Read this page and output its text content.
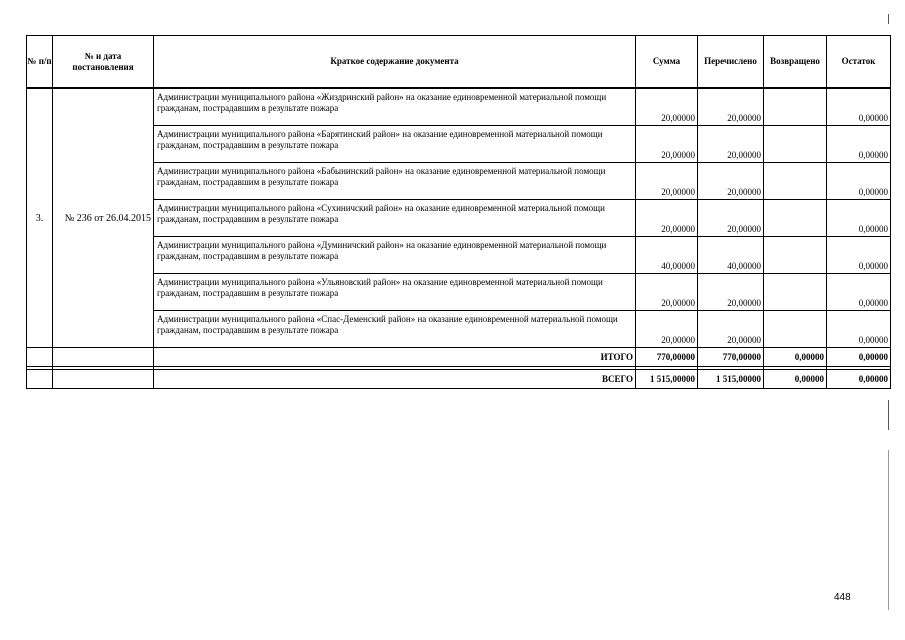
№ п/п	№ и дата постановления	Краткое содержание документа	Сумма	Перечислено	Возвращено	Остаток
3.	№ 236 от 26.04.2015	Администрации муниципального района «Жиздринский район» на оказание единовременной материальной помощи гражданам, пострадавшим в результате пожара	20,00000	20,00000		0,00000
		Администрации муниципального района «Барятинский район» на оказание единовременной материальной помощи гражданам, пострадавшим в результате пожара	20,00000	20,00000		0,00000
		Администрации муниципального района «Бабынинский район» на оказание единовременной материальной помощи гражданам, пострадавшим в результате пожара	20,00000	20,00000		0,00000
		Администрации муниципального района «Сухиничский район» на оказание единовременной материальной помощи гражданам, пострадавшим в результате пожара	20,00000	20,00000		0,00000
		Администрации муниципального района «Думиничский район» на оказание единовременной материальной помощи гражданам, пострадавшим в результате пожара	40,00000	40,00000		0,00000
		Администрации муниципального района «Ульяновский район» на оказание единовременной материальной помощи гражданам, пострадавшим в результате пожара	20,00000	20,00000		0,00000
		Администрации муниципального района «Спас-Деменский район» на оказание единовременной материальной помощи гражданам, пострадавшим в результате пожара	20,00000	20,00000		0,00000
		ИТОГО	770,00000	770,00000	0,00000	0,00000

		ВСЕГО	1 515,00000	1 515,00000	0,00000	0,00000
448
